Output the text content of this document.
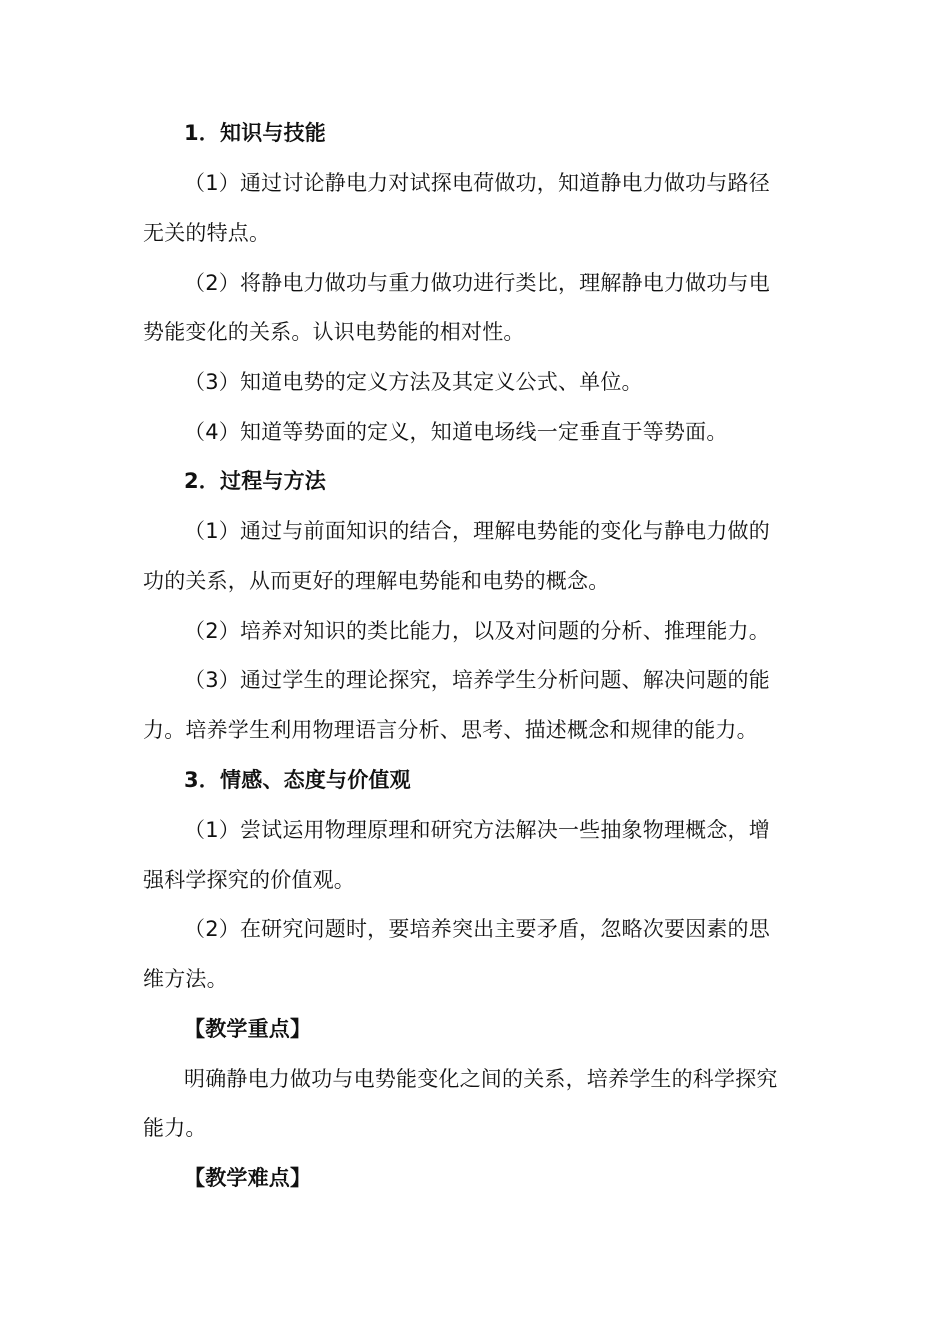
1．知识与技能
（1）通过讨论静电力对试探电荷做功，知道静电力做功与路径
无关的特点。
（2）将静电力做功与重力做功进行类比，理解静电力做功与电
势能变化的关系。认识电势能的相对性。
（3）知道电势的定义方法及其定义公式、单位。
（4）知道等势面的定义，知道电场线一定垂直于等势面。
2．过程与方法
（1）通过与前面知识的结合，理解电势能的变化与静电力做的
功的关系，从而更好的理解电势能和电势的概念。
（2）培养对知识的类比能力，以及对问题的分析、推理能力。
（3）通过学生的理论探究，培养学生分析问题、解决问题的能
力。培养学生利用物理语言分析、思考、描述概念和规律的能力。
3．情感、态度与价值观
（1）尝试运用物理原理和研究方法解决一些抽象物理概念，增
强科学探究的价值观。
（2）在研究问题时，要培养突出主要矛盾，忽略次要因素的思
维方法。
【教学重点】
明确静电力做功与电势能变化之间的关系，培养学生的科学探究
能力。
【教学难点】
